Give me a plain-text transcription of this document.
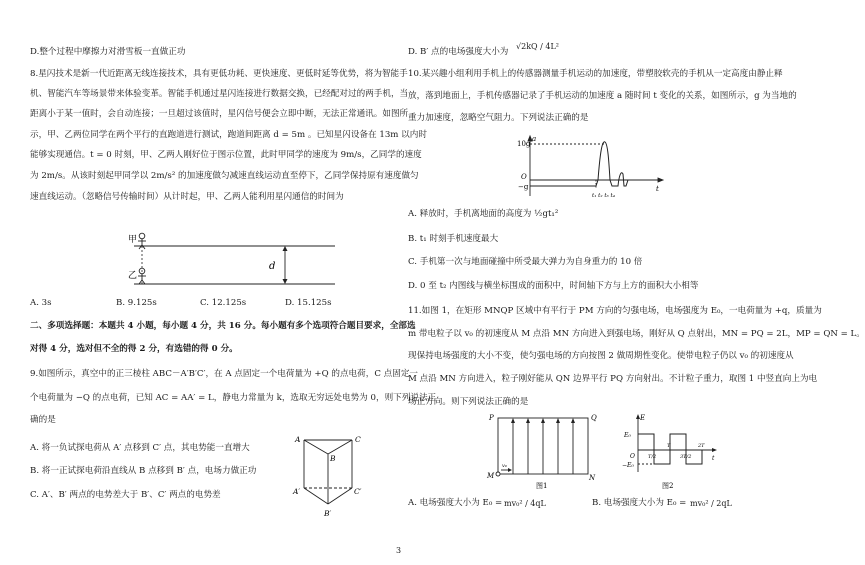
D.整个过程中摩擦力对滑雪板一直做正功
8.星闪技术是新一代近距离无线连接技术，具有更低功耗、更快速度、更低时延等优势，将为智能手
机、智能汽车等场景带来体验变革。智能手机通过星闪连接进行数据交换，已经配对过的两手机，当
距离小于某一值时，会自动连接；一旦超过该值时，星闪信号便会立即中断，无法正常通讯。如图所
示，甲、乙两位同学在两个平行的直跑道进行测试，跑道间距离 d = 5m 。已知星闪设备在 13m 以内时
能够实现通信。t = 0 时刻，甲、乙两人刚好位于图示位置，此时甲同学的速度为 9m/s，乙同学的速度
为 2m/s。从该时刻起甲同学以 2m/s² 的加速度做匀减速直线运动直至停下，乙同学保持原有速度做匀
速直线运动。（忽略信号传输时间）从计时起，甲、乙两人能利用星闪通信的时间为
甲
乙
d
A. 3s	B. 9.125s	C. 12.125s	D. 15.125s
二、多项选择题：本题共 4 小题，每小题 4 分，共 16 分。每小题有多个选项符合题目要求，全部选
对得 4 分，选对但不全的得 2 分，有选错的得 0 分。
9.如图所示，真空中的正三棱柱 ABC－A′B′C′，在 A 点固定一个电荷量为 +Q 的点电荷，C 点固定一
个电荷量为 −Q 的点电荷，已知 AC = AA′ = L，静电力常量为 k，选取无穷远处电势为 0，则下列说法正
确的是
A. 将一负试探电荷从 A′ 点移到 C′ 点，其电势能一直增大
B. 将一正试探电荷沿直线从 B 点移到 B′ 点，电场力做正功
C. A′、B′ 两点的电势差大于 B′、C′ 两点的电势差
A	C
B
A′	C′
B′
D. B′ 点的电场强度大小为
√2kQ / 4L²
10.某兴趣小组利用手机上的传感器测量手机运动的加速度，带塑胶软壳的手机从一定高度由静止释
放，落到地面上，手机传感器记录了手机运动的加速度 a 随时间 t 变化的关系，如图所示，g 为当地的
重力加速度，忽略空气阻力。下列说法正确的是
a
t
10g
O
−g
t₁ t₂ t₃ t₄
A. 释放时，手机离地面的高度为 ½gt₁²
B. t₁ 时刻手机速度最大
C. 手机第一次与地面碰撞中所受最大弹力为自身重力的 10 倍
D. 0 至 t₂ 内图线与横坐标围成的面积中，时间轴下方与上方的面积大小相等
11.如图 1，在矩形 MNQP 区域中有平行于 PM 方向的匀强电场，电场强度为 E₀，一电荷量为 +q，质量为
m 带电粒子以 v₀ 的初速度从 M 点沿 MN 方向进入到强电场，刚好从 Q 点射出，MN = PQ = 2L，MP = QN = L。
现保持电场强度的大小不变，使匀强电场的方向按图 2 做周期性变化。使带电粒子仍以 v₀ 的初速度从
M 点沿 MN 方向进入，粒子刚好能从 QN 边界平行 PQ 方向射出。不计粒子重力，取图 1 中竖直向上为电
场正方向。则下列说法正确的是
P	Q
M	N
v₀
图1
E
E₀
−E₀
O	t
T/2
T
3T/2
2T
图2
A. 电场强度大小为 E₀ = mv₀² / 4qL	B. 电场强度大小为 E₀ = mv₀² / 2qL
3
